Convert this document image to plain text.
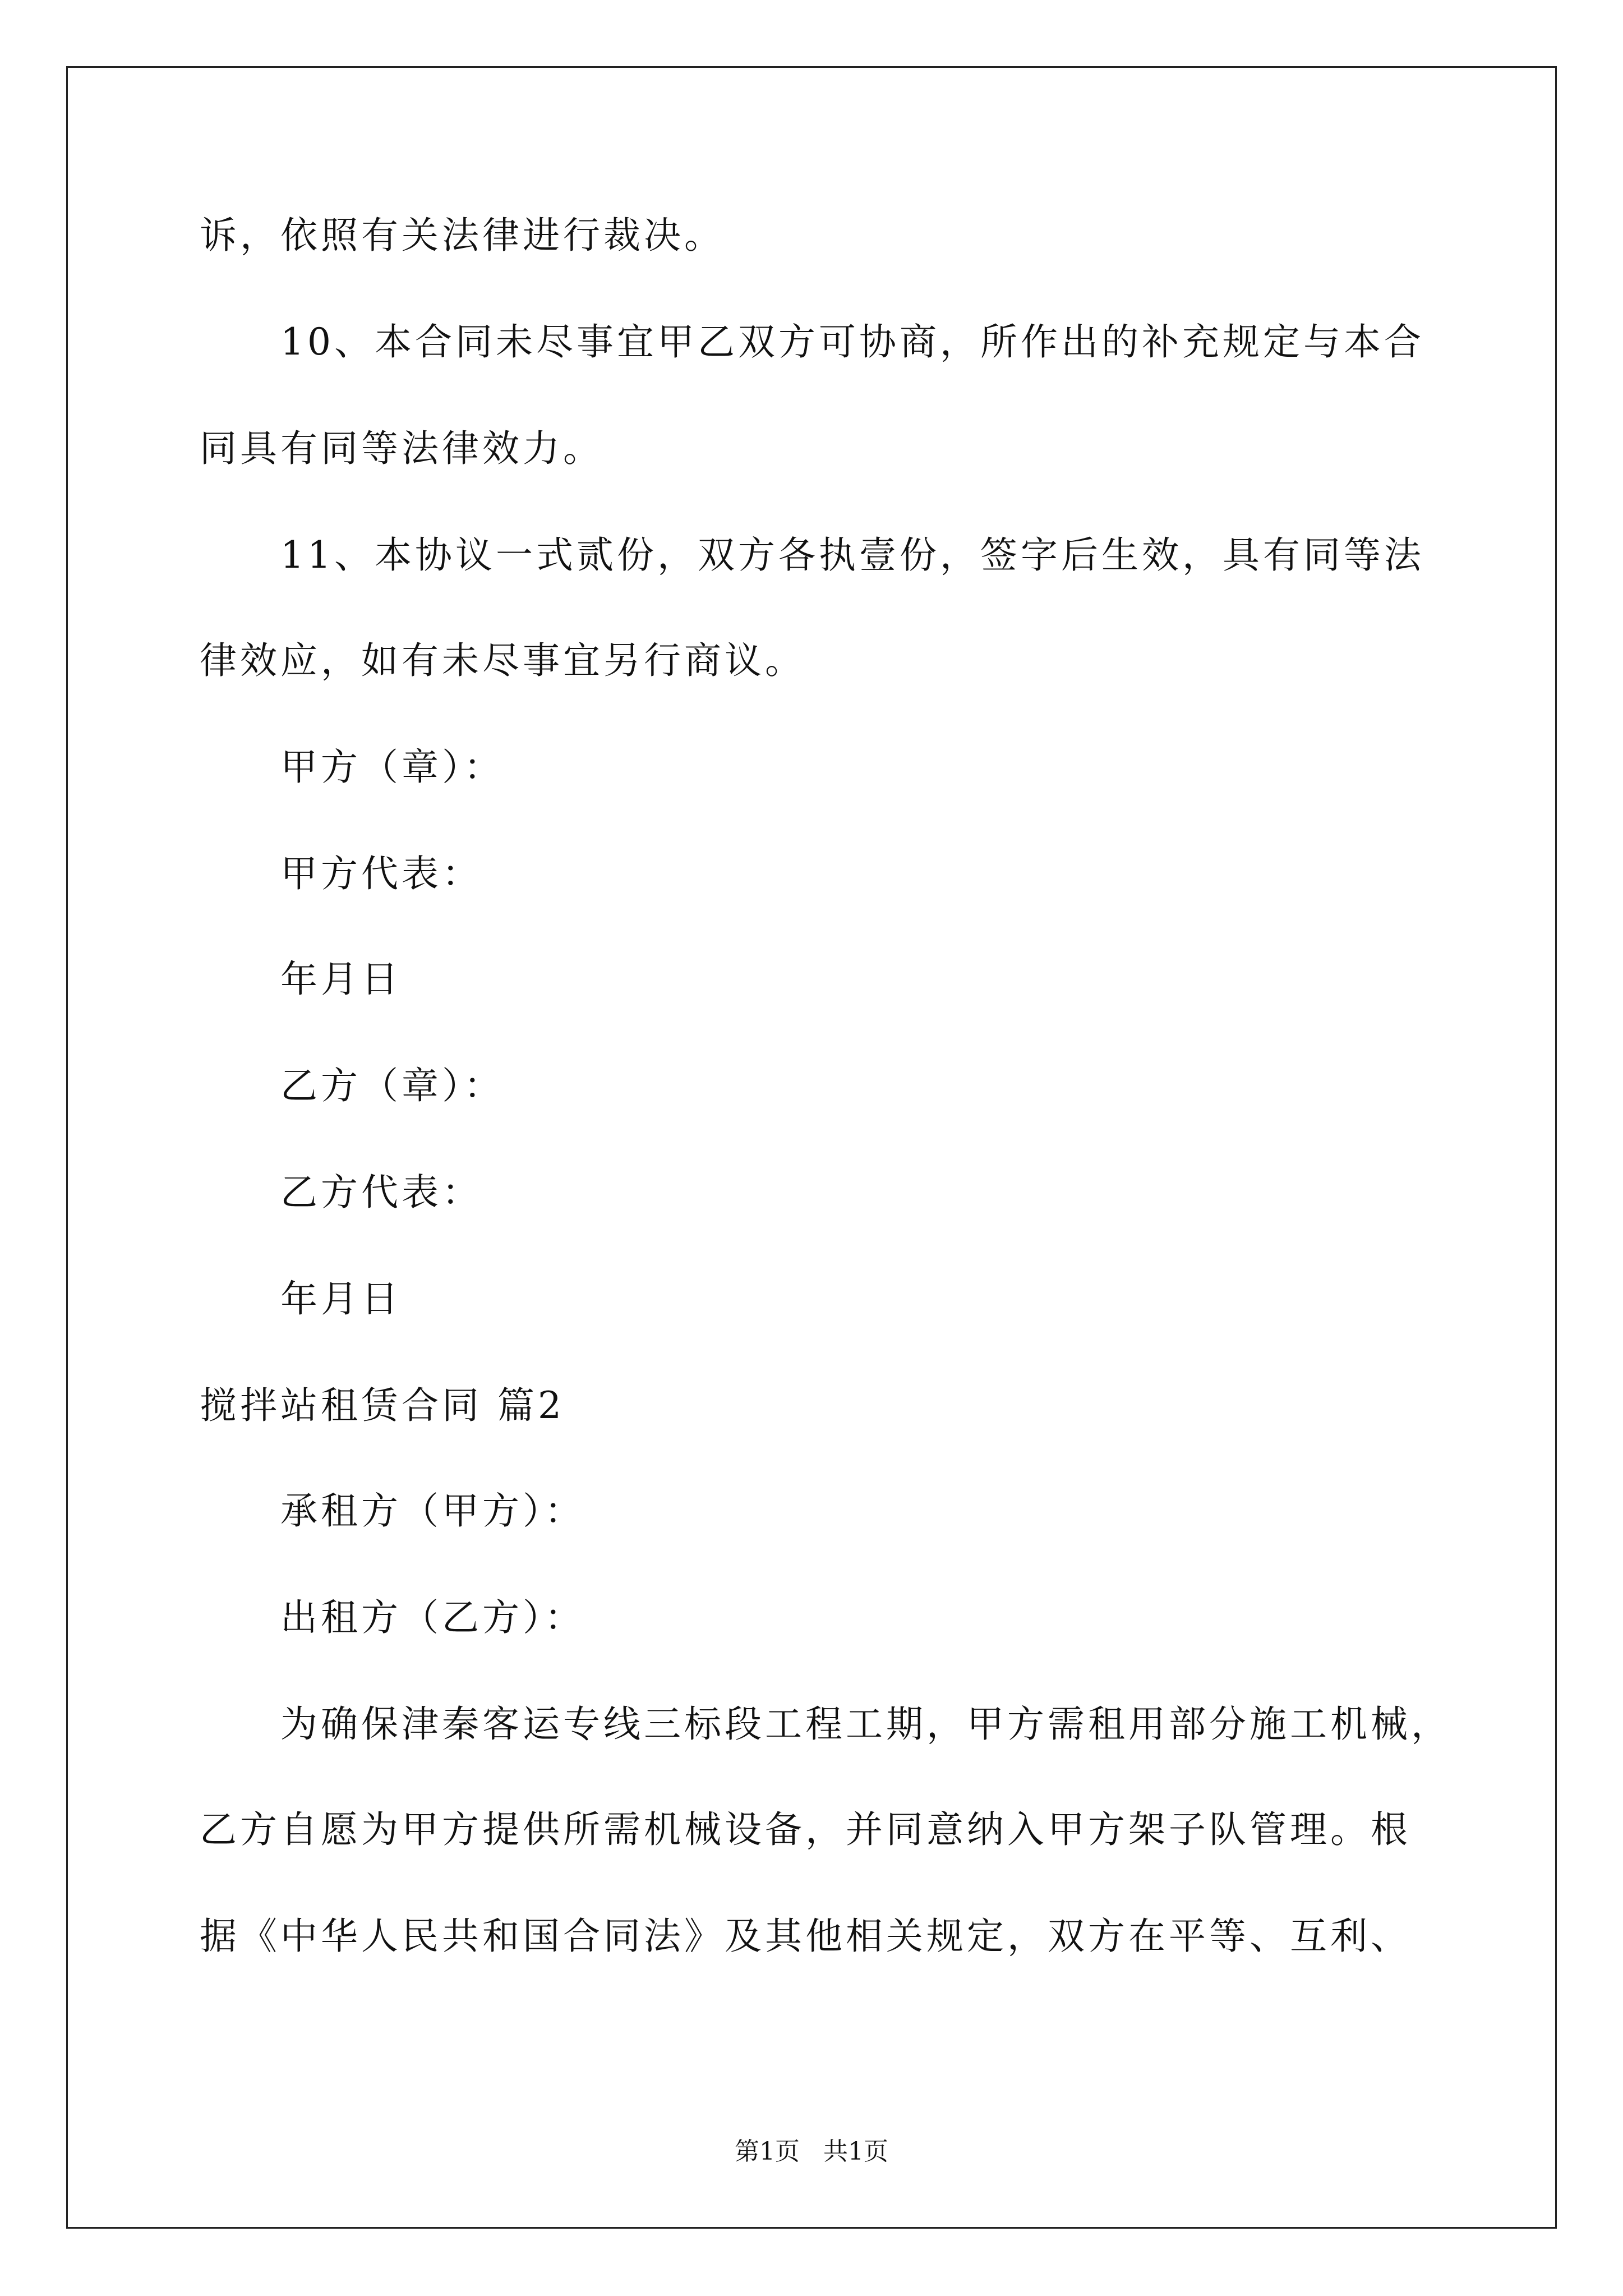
诉，依照有关法律进行裁决。
10、本合同未尽事宜甲乙双方可协商，所作出的补充规定与本合
同具有同等法律效力。
11、本协议一式贰份，双方各执壹份，签字后生效，具有同等法
律效应，如有未尽事宜另行商议。
甲方（章）：
甲方代表：
年月日
乙方（章）：
乙方代表：
年月日
搅拌站租赁合同 篇2
承租方（甲方）：
出租方（乙方）：
为确保津秦客运专线三标段工程工期，甲方需租用部分施工机械，
乙方自愿为甲方提供所需机械设备，并同意纳入甲方架子队管理。根
据《中华人民共和国合同法》及其他相关规定，双方在平等、互利、
第1页   共1页
